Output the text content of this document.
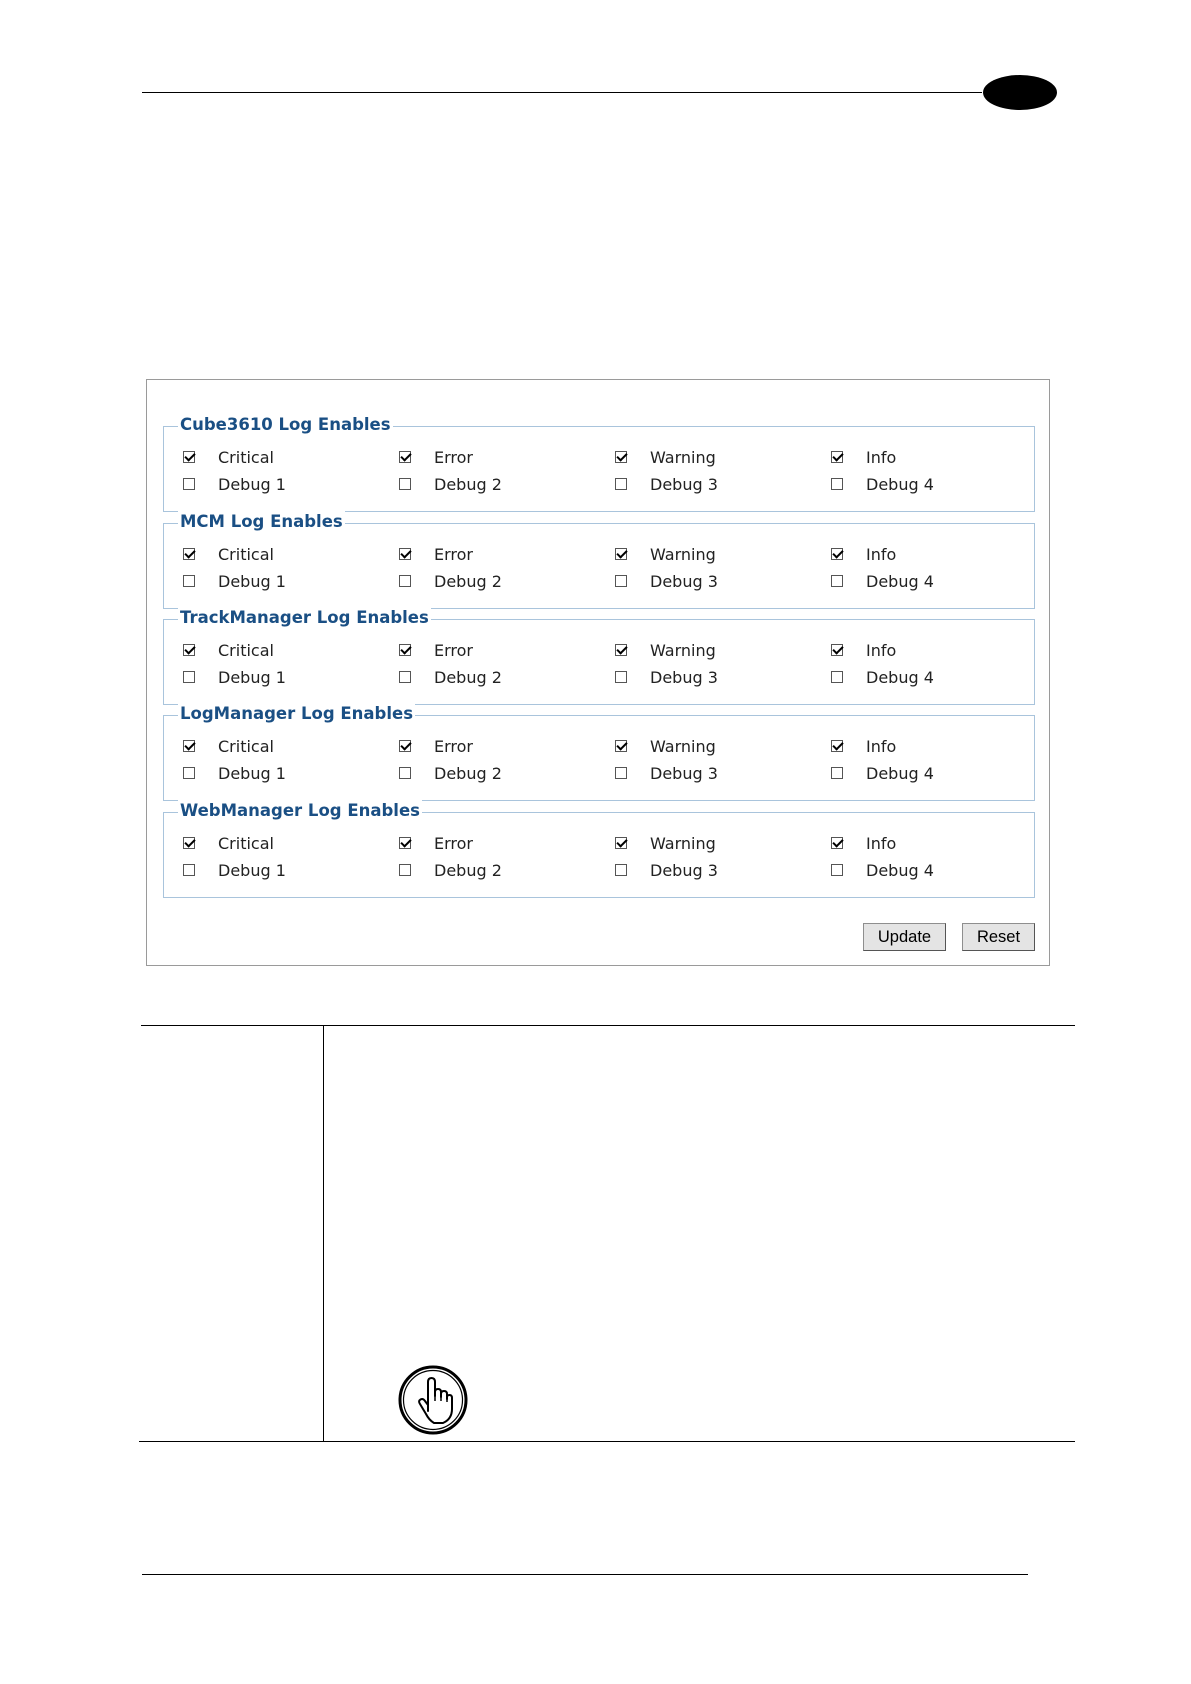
Cube3610 Log Enables
Critical	Error	Warning	Info
Debug 1	Debug 2	Debug 3	Debug 4
MCM Log Enables
Critical	Error	Warning	Info
Debug 1	Debug 2	Debug 3	Debug 4
TrackManager Log Enables
Critical	Error	Warning	Info
Debug 1	Debug 2	Debug 3	Debug 4
LogManager Log Enables
Critical	Error	Warning	Info
Debug 1	Debug 2	Debug 3	Debug 4
WebManager Log Enables
Critical	Error	Warning	Info
Debug 1	Debug 2	Debug 3	Debug 4
Update	Reset
